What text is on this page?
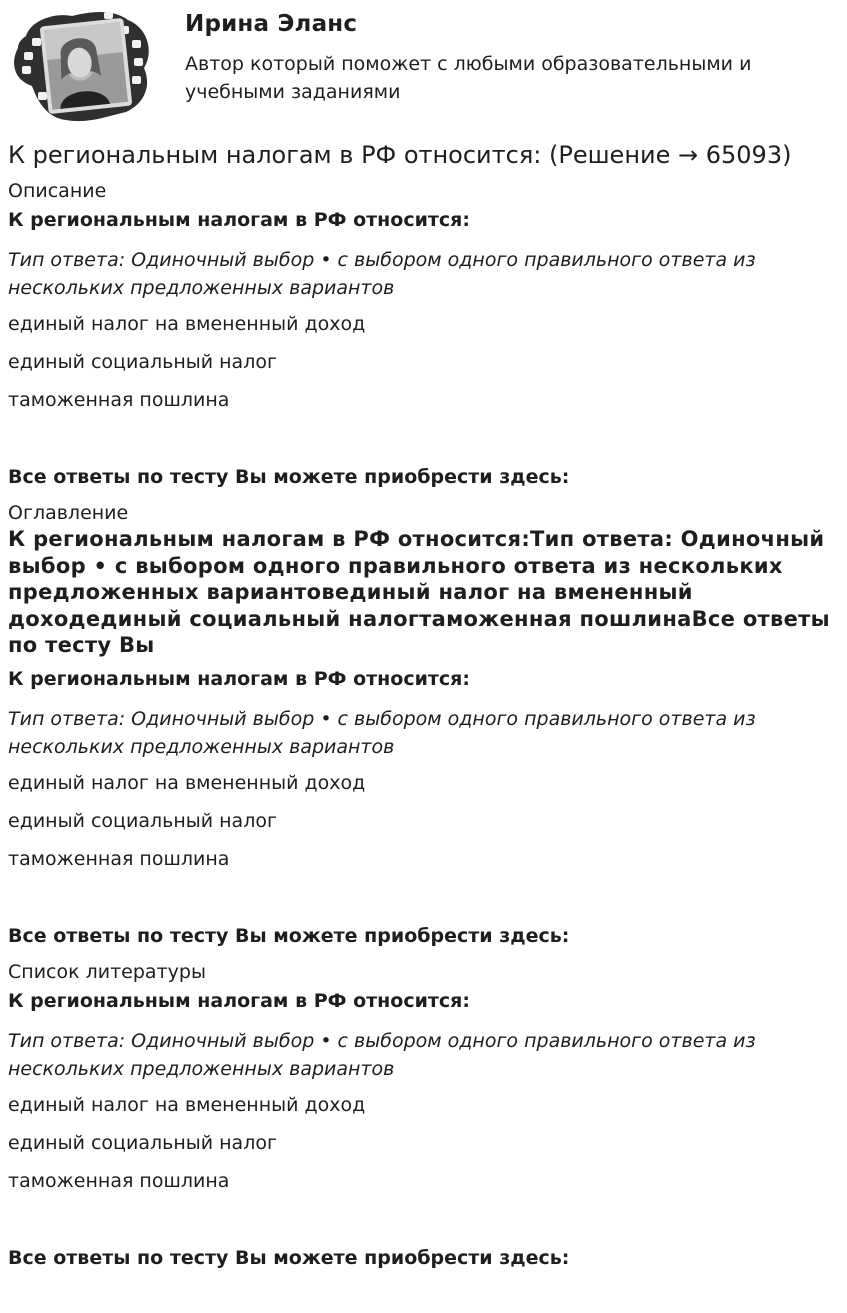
Ирина Эланс
Автор который поможет с любыми образовательными и учебными заданиями
К региональным налогам в РФ относится: (Решение → 65093)
Описание
К региональным налогам в РФ относится:
Тип ответа: Одиночный выбор • с выбором одного правильного ответа из нескольких предложенных вариантов
единый налог на вмененный доход
единый социальный налог
таможенная пошлина
Все ответы по тесту Вы можете приобрести здесь:
Оглавление
К региональным налогам в РФ относится:Тип ответа: Одиночный выбор • с выбором одного правильного ответа из нескольких предложенных вариантовединый налог на вмененный доходединый социальный налогтаможенная пошлинаВсе ответы по тесту Вы
К региональным налогам в РФ относится:
Тип ответа: Одиночный выбор • с выбором одного правильного ответа из нескольких предложенных вариантов
единый налог на вмененный доход
единый социальный налог
таможенная пошлина
Все ответы по тесту Вы можете приобрести здесь:
Список литературы
К региональным налогам в РФ относится:
Тип ответа: Одиночный выбор • с выбором одного правильного ответа из нескольких предложенных вариантов
единый налог на вмененный доход
единый социальный налог
таможенная пошлина
Все ответы по тесту Вы можете приобрести здесь:
